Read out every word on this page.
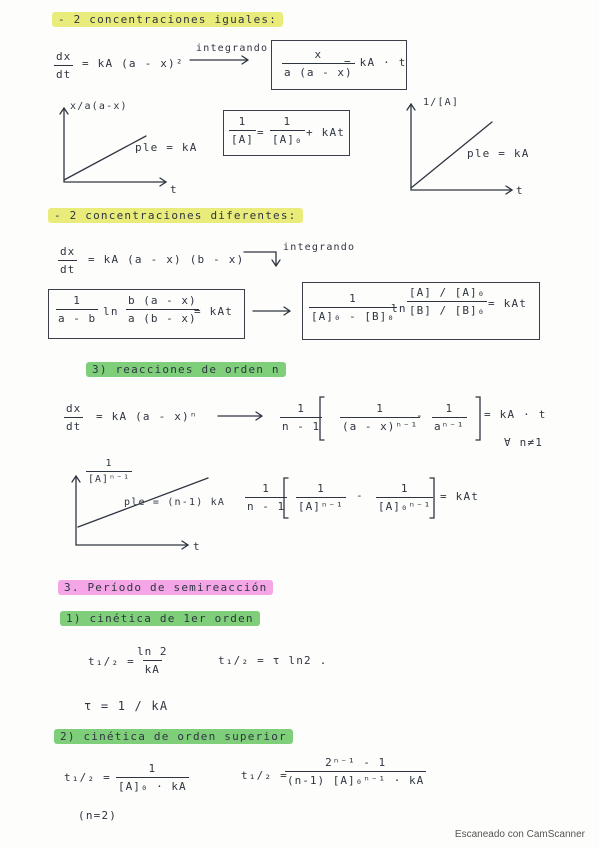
- 2 concentraciones iguales:
$\frac{dx}{dt}$ = kA (a - x)²
integrando $\frac{x}{a (a - x)}$
= kA · t
x/a(a-x)
ple = kA
t
$\frac{1}{[A]} = \frac{1}{\text{[A]₀}}$ + kAt
1/[A]
ple = kA
t
- 2 concentraciones diferentes:
$\frac{dx}{dt}$ = kA (a - x) (b - x)
integrando
$\frac{1}{a - b}$ $\ln \frac{b (a - x)}{a (b - x)}$
= kAt	$\frac{1}{\text{[A]₀ - [B]₀}}$
$\ln \frac{\text{[A] / [A]₀}}{\text{[B] / [B]₀}}$ = kAt
3) reacciones de orden n
$\frac{dx}{dt}$ = kA (a - x)ⁿ	$\frac{1}{n - 1} \frac{1}{\text{(a - x)ⁿ⁻¹}}$
- $\frac{1}{\text{aⁿ⁻¹}}$ = kA · t
∀ n≠1
$\frac{1}{\text{[A]ⁿ⁻¹}}$
ple = (n-1) kA
t
$\frac{1}{n - 1} \frac{1}{\text{[A]ⁿ⁻¹}} - \frac{1}{\text{[A]₀ⁿ⁻¹}}$ = kAt
3. Período de semireacción
1) cinética de 1er orden
$t_1/_2 = \frac{\ln 2}{kA}$	t₁/₂ = τ ln2 .
τ = 1 / kA
2) cinética de orden superior
$t_1/_2 = \frac{1}{\text{[A]₀ · kA}}$	t₁/₂ =
$\frac{\text{2ⁿ⁻¹ - 1}}{\text{(n-1) [A]₀ⁿ⁻¹ · kA}}$
(n=2)
Escaneado con CamScanner
